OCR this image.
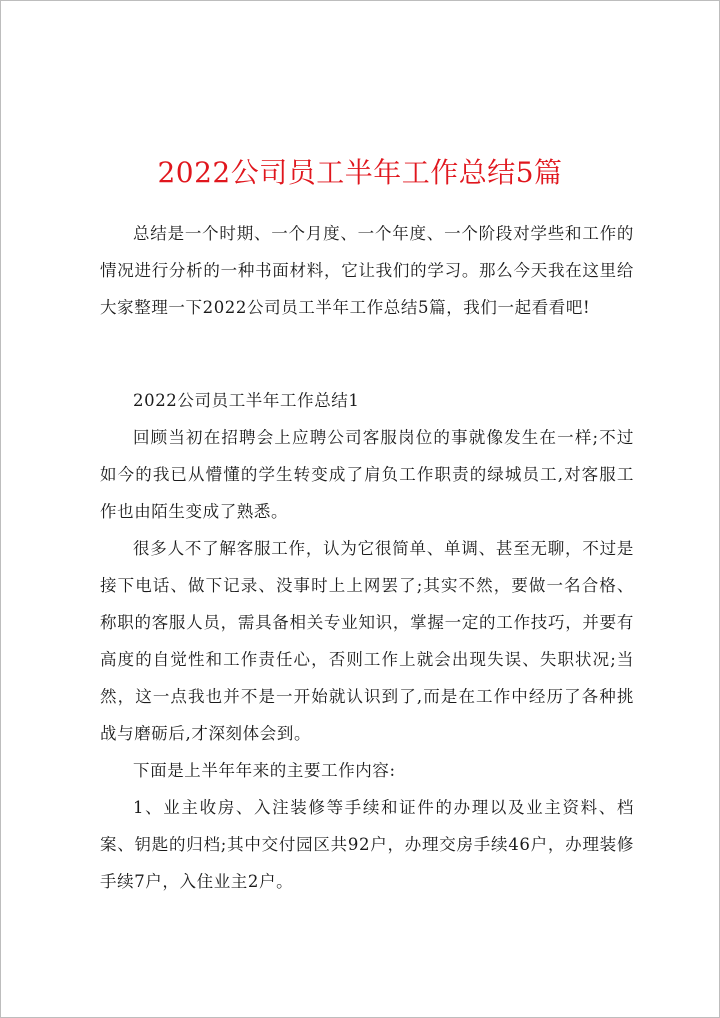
2022公司员工半年工作总结5篇

总结是一个时期、一个月度、一个年度、一个阶段对学些和工作的情况进行分析的一种书面材料，它让我们的学习。那么今天我在这里给大家整理一下2022公司员工半年工作总结5篇，我们一起看看吧!

2022公司员工半年工作总结1

回顾当初在招聘会上应聘公司客服岗位的事就像发生在一样;不过如今的我已从懵懂的学生转变成了肩负工作职责的绿城员工,对客服工作也由陌生变成了熟悉。

很多人不了解客服工作，认为它很简单、单调、甚至无聊，不过是接下电话、做下记录、没事时上上网罢了;其实不然，要做一名合格、称职的客服人员，需具备相关专业知识，掌握一定的工作技巧，并要有高度的自觉性和工作责任心，否则工作上就会出现失误、失职状况;当然，这一点我也并不是一开始就认识到了,而是在工作中经历了各种挑战与磨砺后,才深刻体会到。

下面是上半年年来的主要工作内容:

1、业主收房、入注装修等手续和证件的办理以及业主资料、档案、钥匙的归档;其中交付园区共92户，办理交房手续46户，办理装修手续7户，入住业主2户。
